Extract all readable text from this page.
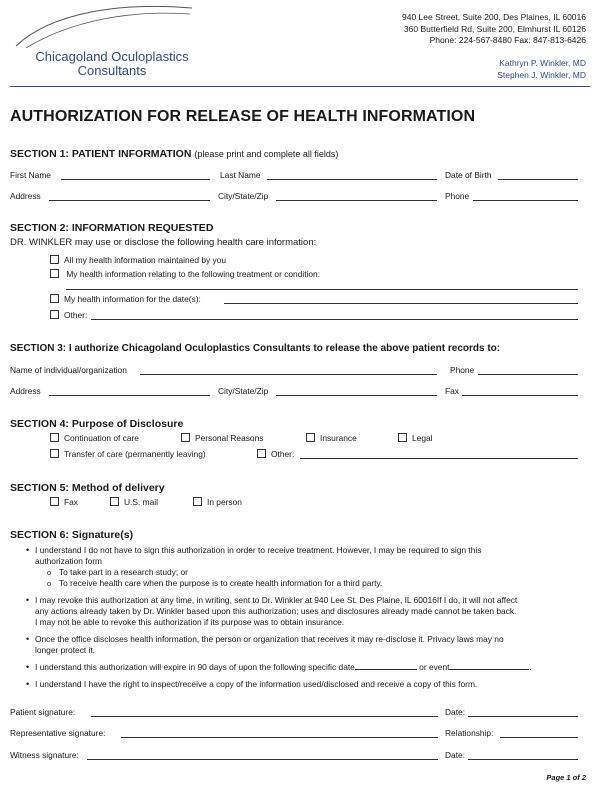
Chicagoland Oculoplastics
Consultants
940 Lee Street, Suite 200, Des Plaines, IL 60016
360 Butterfield Rd, Suite 200, Elmhurst IL 60126
Phone: 224-567-8480 Fax: 847-813-6426
Kathryn P. Winkler, MD
Stephen J. Winkler, MD
AUTHORIZATION FOR RELEASE OF HEALTH INFORMATION
SECTION 1: PATIENT INFORMATION (please print and complete all fields)
First Name	Last Name	Date of Birth
Address	City/State/Zip	Phone
SECTION 2: INFORMATION REQUESTED
DR. WINKLER may use or disclose the following health care information:
All my health information maintained by you
My health information relating to the following treatment or condition:
My health information for the date(s):
Other:
SECTION 3: I authorize Chicagoland Oculoplastics Consultants to release the above patient records to:
Name of individual/organization	Phone
Address	City/State/Zip	Fax
SECTION 4: Purpose of Disclosure
Continuation of care	Personal Reasons	Insurance	Legal
Transfer of care (permanently leaving)	Other:
SECTION 5: Method of delivery
Fax	U.S. mail	In person
SECTION 6: Signature(s)
• I understand I do not have to sign this authorization in order to receive treatment. However, I may be required to sign this
authorization form
o To take part in a research study; or
o To receive health care when the purpose is to create health information for a third party.
• I may revoke this authorization at any time, in writing, sent to Dr. Winkler at 940 Lee St. Des Plaine, IL 60016If I do, it will not affect
any actions already taken by Dr. Winkler based upon this authorization; uses and disclosures already made cannot be taken back.
I may not be able to revoke this authorization if its purpose was to obtain insurance.
• Once the office discloses health information, the person or organization that receives it may re-disclose it. Privacy laws may no
longer protect it.
• I understand this authorization will expire in 90 days of upon the following specific date	or event	.
• I understand I have the right to inspect/receive a copy of the information used/disclosed and receive a copy of this form.
Patient signature:	Date:
Representative signature:	Relationship:
Witness signature:	Date:
Page 1 of 2
